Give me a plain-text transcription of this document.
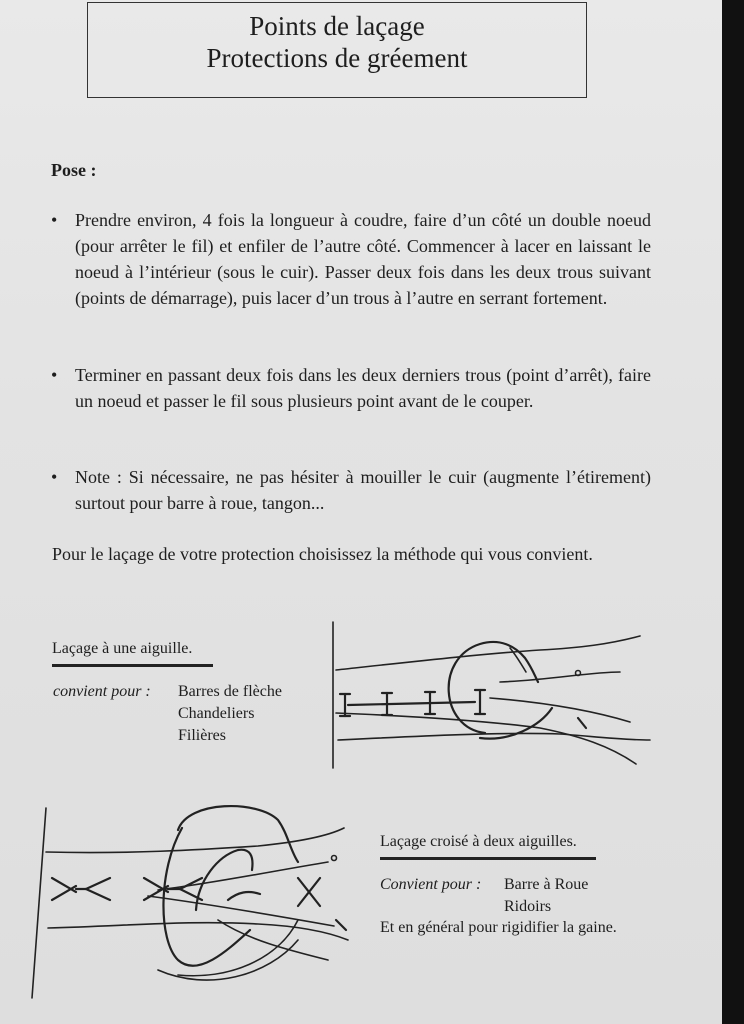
Points de laçage
Protections de gréement
Pose :
• Prendre environ, 4 fois la longueur à coudre, faire d’un côté un double noeud (pour arrêter le fil) et enfiler de l’autre côté. Commencer à lacer en laissant le noeud à l’intérieur (sous le cuir). Passer deux fois dans les deux trous suivant (points de démarrage), puis lacer d’un trous à l’autre en serrant fortement.
• Terminer en passant deux fois dans les deux derniers trous (point d’arrêt), faire un noeud et passer le fil sous plusieurs point avant de le couper.
• Note : Si nécessaire, ne pas hésiter à mouiller le cuir (augmente l’étirement) surtout pour barre à roue, tangon...
Pour le laçage de votre protection choisissez la méthode qui vous convient.
Laçage à une aiguille.
convient pour : Barres de flèche
Chandeliers
Filières
Laçage croisé à deux aiguilles.
Convient pour : Barre à Roue
Ridoirs
Et en général pour rigidifier la gaine.
